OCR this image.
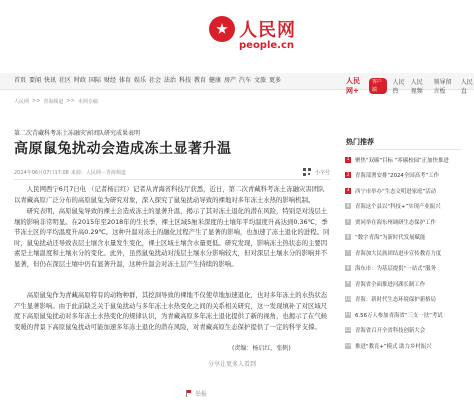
人民网
people.cn
首页 要闻 快讯 社区 时政 国际 财经 体育 娱乐 社会 法治 科技 教育 健康 房产 汽车 文旅 更多	人民网+
客户端
人民热
人民视频
领导留言板
人民直
人民网 >> 青海频道 >> 本网专稿
第二次青藏科考冻土冻融灾害团队研究成果表明
高原鼠兔扰动会造成冻土显著升温
2024年06月07日17:08 来源： 人民网－青海频道	小字号

人民网西宁6月7日电 （记者杨启红）记者从青海省科技厅获悉，近日，第二次青藏科考冻土冻融灾害团队以青藏高原广泛分布的高原鼠兔为研究对象，深入探究了鼠兔扰动导致的裸地对多年冻土水热的影响机制。

研究表明，高原鼠兔导致的裸土会造成冻土的显著升温，揭示了其对冻土退化的潜在风险，特别是对浅层土壤的影响非常明显。在2015年至2018年的生长季，裸土区域5厘米深度的土壤年平均温度升高达到0.36℃，季节冻土区的平均温度升高0.29℃。这种升温对冻土的融化过程产生了显著的影响，也加速了冻土退化的进程。同时，鼠兔扰动还导致表层土壤含水量发生变化，裸土区域土壤含水量更低。研究发现，影响冻土热状态的主要因素是土壤温度和土壤水分的变化。此外，虽然鼠兔扰动对浅层土壤水分影响较大，但对深层土壤水分的影响并不显著，但仍在深层土壤中仍有显著升温，这种升温会对冻土层产生持续的影响。

高原鼠兔作为青藏高原特有的动物种群，其挖洞导致的裸地不仅使草地加速退化，也对多年冻土的水热状态产生显著影响。由于此前缺乏关于鼠兔扰动与多年冻土水热变化之间的关系相关研究，这一发现填补了对区域尺度下高原鼠兔扰动对多年冻土水热变化的规律认识，为青藏高原多年冻土退化提供了新的视角，也揭示了在气候变暖的背景下高原鼠兔扰动可能加速多年冻土退化的潜在风险，对青藏高原生态保护提供了一定的科学支撑。

(责编：杨启红、张帆)
分享让更多人看到
举报
热门推荐
1 聚焦“双碳”目标 “零碳校园”正加快推进
2 青海部署安排“2024全国高考”工作
3 西宁市举办“生态文明进家庭”活动
4 青海这个县以“科技+”实现产业振兴
5 贾同举在海东州调研生态保护工作
6 “数字青海”为新时代发展赋能
7 青海加大民族团结进步宣传教育力度
8 海东市：为基层提供“一站式”服务
9 青海省全面推进河湖长制工作
10 青海：新时代生态环境保护新格局
11 6.56万人参加青海省“三支一扶”考试
12 青海省召开全省科技创新大会
13 推进“教育+”模式 助力乡村振兴
